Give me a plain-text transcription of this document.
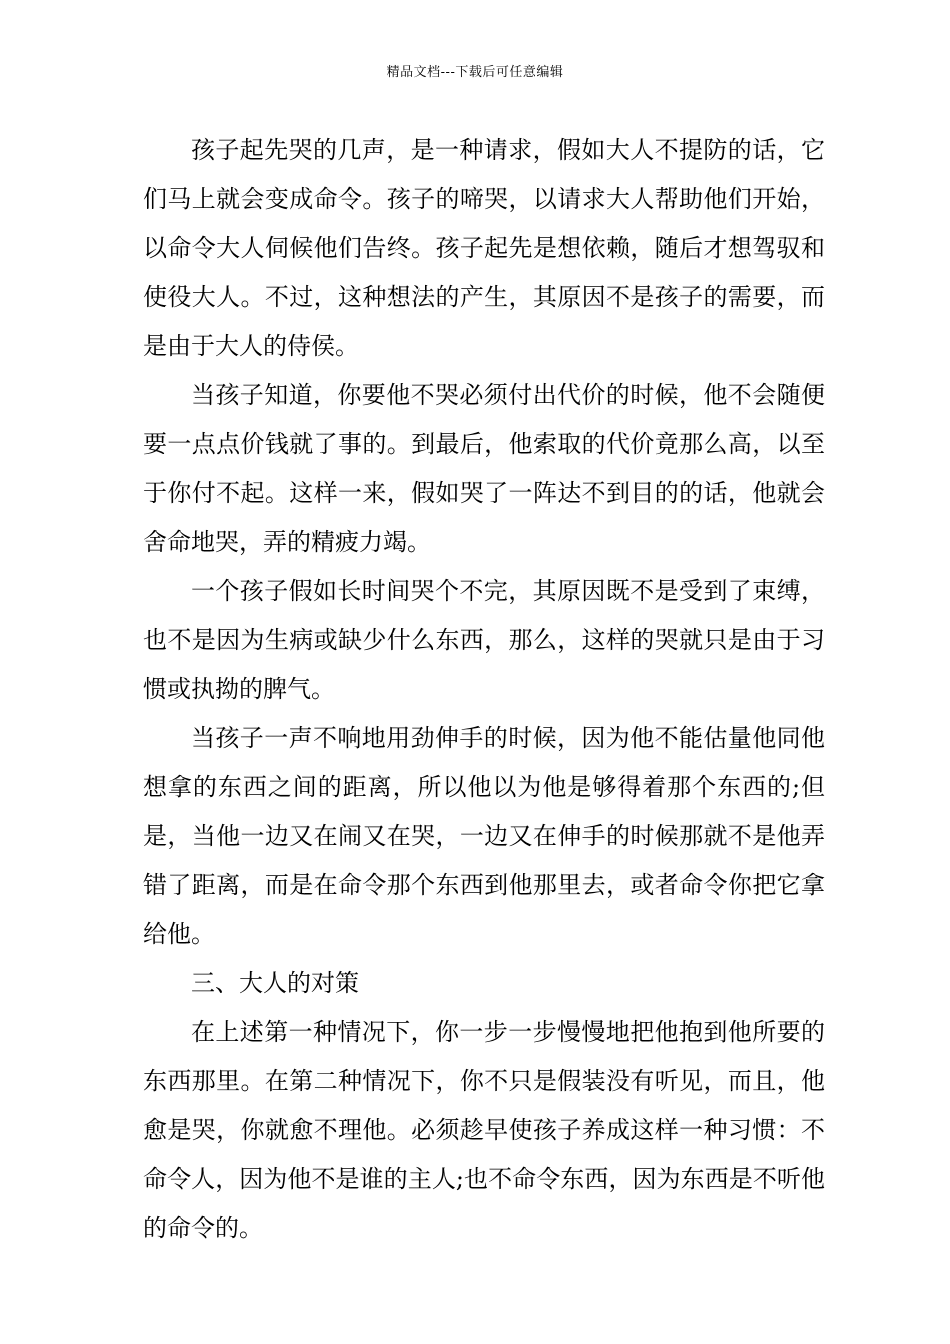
精品文档---下载后可任意编辑

孩子起先哭的几声，是一种请求，假如大人不提防的话，它们马上就会变成命令。孩子的啼哭，以请求大人帮助他们开始，以命令大人伺候他们告终。孩子起先是想依赖，随后才想驾驭和使役大人。不过，这种想法的产生，其原因不是孩子的需要，而是由于大人的侍侯。

当孩子知道，你要他不哭必须付出代价的时候，他不会随便要一点点价钱就了事的。到最后，他索取的代价竟那么高，以至于你付不起。这样一来，假如哭了一阵达不到目的的话，他就会舍命地哭，弄的精疲力竭。

一个孩子假如长时间哭个不完，其原因既不是受到了束缚，也不是因为生病或缺少什么东西，那么，这样的哭就只是由于习惯或执拗的脾气。

当孩子一声不响地用劲伸手的时候，因为他不能估量他同他想拿的东西之间的距离，所以他以为他是够得着那个东西的;但是，当他一边又在闹又在哭，一边又在伸手的时候那就不是他弄错了距离，而是在命令那个东西到他那里去，或者命令你把它拿给他。

三、大人的对策

在上述第一种情况下，你一步一步慢慢地把他抱到他所要的东西那里。在第二种情况下，你不只是假装没有听见，而且，他愈是哭，你就愈不理他。必须趁早使孩子养成这样一种习惯：不命令人，因为他不是谁的主人;也不命令东西，因为东西是不听他的命令的。
